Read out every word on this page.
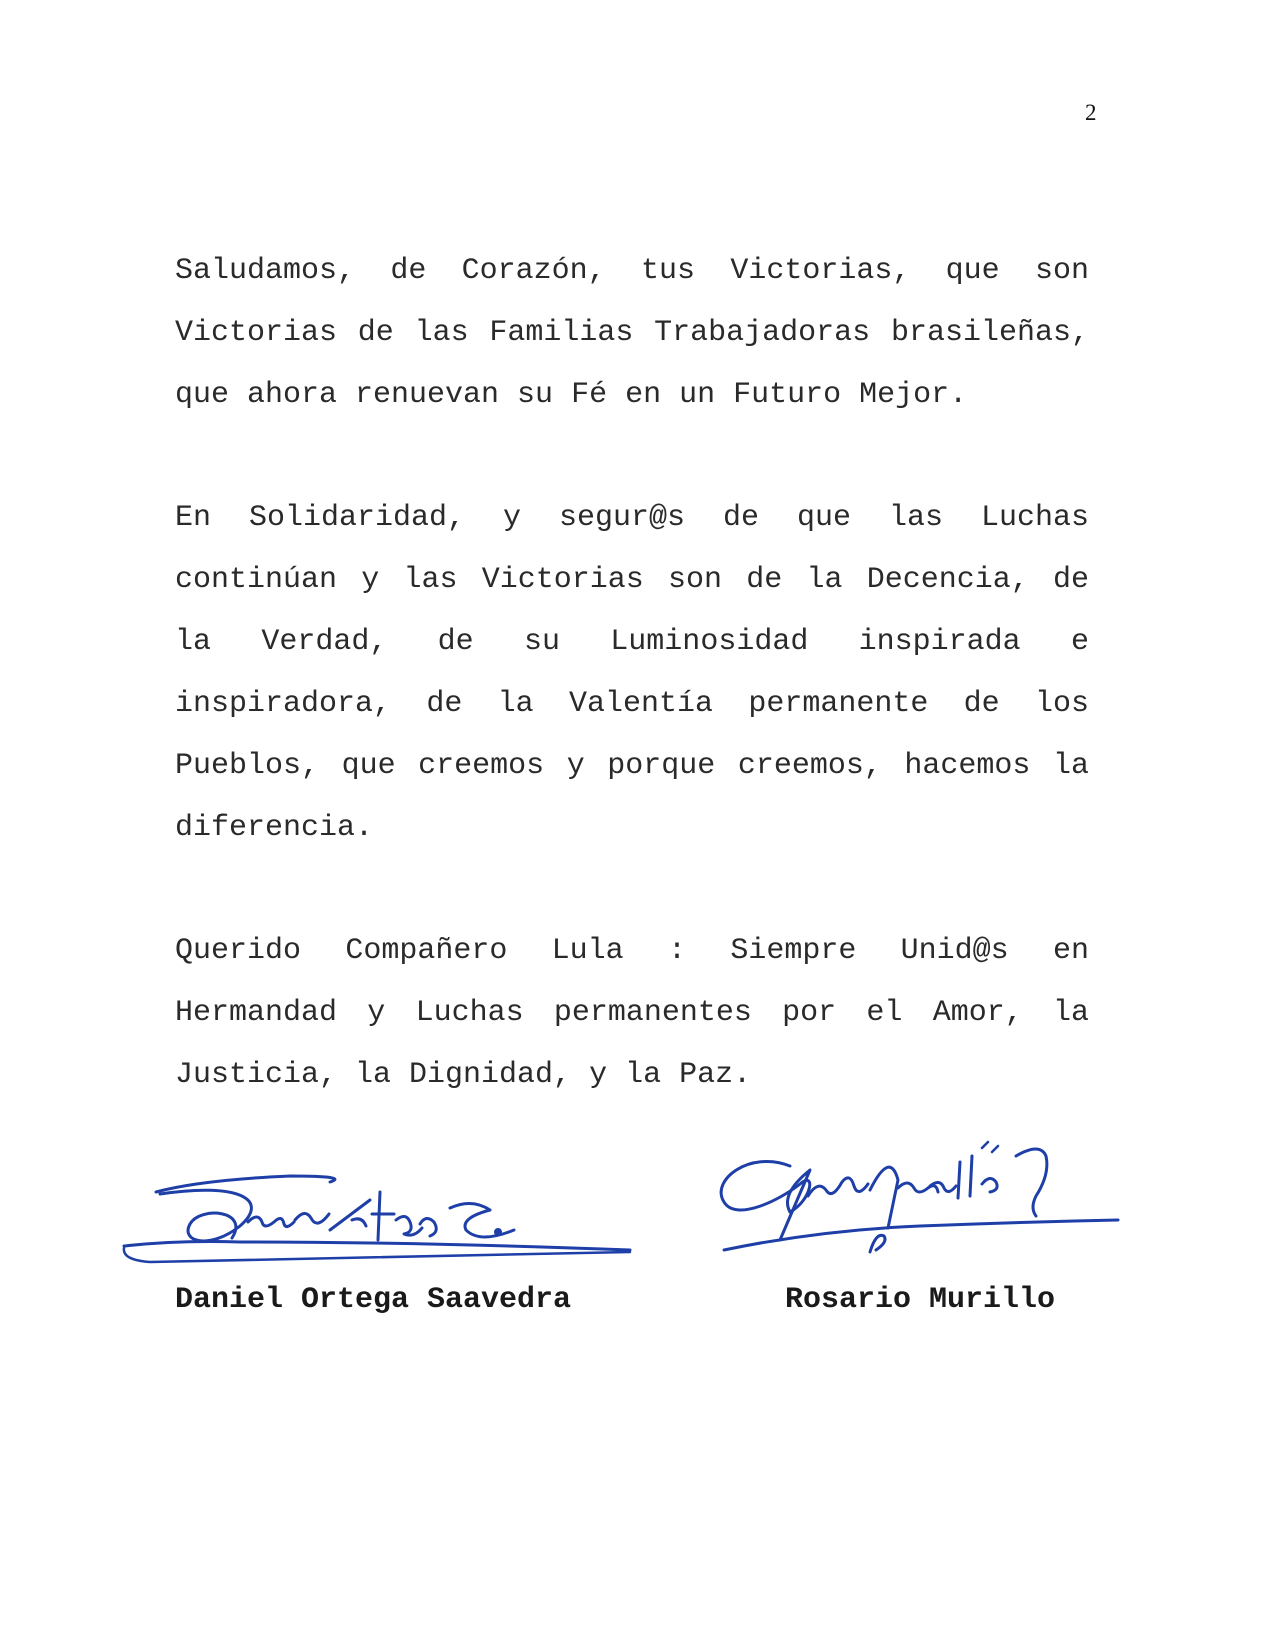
2

Saludamos, de Corazón, tus Victorias, que son Victorias de las Familias Trabajadoras brasileñas, que ahora renuevan su Fé en un Futuro Mejor.

En Solidaridad, y segur@s de que las Luchas continúan y las Victorias son de la Decencia, de la Verdad, de su Luminosidad inspirada e inspiradora, de la Valentía permanente de los Pueblos, que creemos y porque creemos, hacemos la diferencia.

Querido Compañero Lula : Siempre Unid@s en Hermandad y Luchas permanentes por el Amor, la Justicia, la Dignidad, y la Paz.

Daniel Ortega Saavedra	Rosario Murillo
